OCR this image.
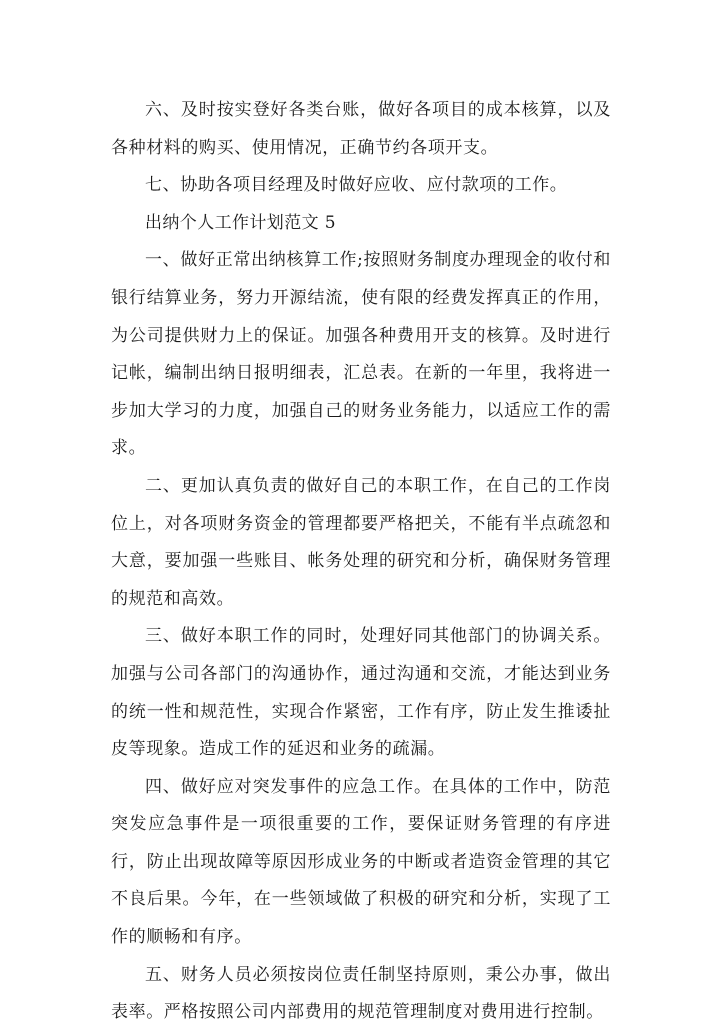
六、及时按实登好各类台账，做好各项目的成本核算，以及各种材料的购买、使用情况，正确节约各项开支。

七、协助各项目经理及时做好应收、应付款项的工作。

出纳个人工作计划范文 5

一、做好正常出纳核算工作;按照财务制度办理现金的收付和银行结算业务，努力开源结流，使有限的经费发挥真正的作用，为公司提供财力上的保证。加强各种费用开支的核算。及时进行记帐，编制出纳日报明细表，汇总表。在新的一年里，我将进一步加大学习的力度，加强自己的财务业务能力，以适应工作的需求。

二、更加认真负责的做好自己的本职工作，在自己的工作岗位上，对各项财务资金的管理都要严格把关，不能有半点疏忽和大意，要加强一些账目、帐务处理的研究和分析，确保财务管理的规范和高效。

三、做好本职工作的同时，处理好同其他部门的协调关系。加强与公司各部门的沟通协作，通过沟通和交流，才能达到业务的统一性和规范性，实现合作紧密，工作有序，防止发生推诿扯皮等现象。造成工作的延迟和业务的疏漏。

四、做好应对突发事件的应急工作。在具体的工作中，防范突发应急事件是一项很重要的工作，要保证财务管理的有序进行，防止出现故障等原因形成业务的中断或者造资金管理的其它不良后果。今年，在一些领域做了积极的研究和分析，实现了工作的顺畅和有序。

五、财务人员必须按岗位责任制坚持原则，秉公办事，做出表率。严格按照公司内部费用的规范管理制度对费用进行控制。
